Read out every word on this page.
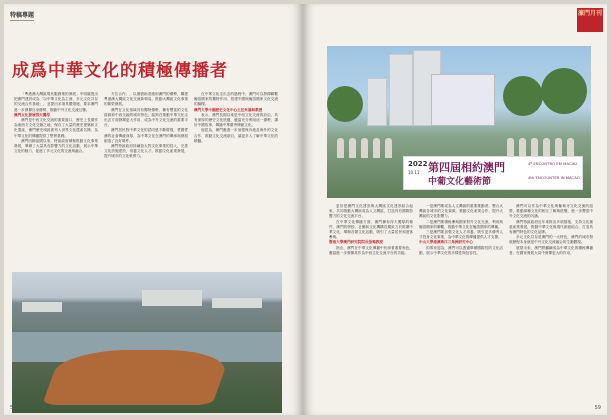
特稿專題
成爲中華文化的積極傳播者

「粵港澳大灣區現代服務業的發展」中明確提出把澳門建設成為「以中華文化為主流、多元文化共存的交流合作基地」，並提出多項具體措施，要求澳門進一步發揮自身優勢，推動中外文化交流互鑒。

澳門文化發展得天獨厚

澳門是中西文化交流的重要窗口，歷史上長期作為東西方文化交匯之地，保存了大量的歷史建築和文化遺產，澳門歷史城區被列入世界文化遺產名錄，為中華文化的傳播提供了堅實基礎。

澳門回歸祖國以來，特區政府積極推動文化事業發展，舉辦了大量具有影響力的文化活動，展示中華文化的魅力，促進了多元文化的交流與融合。

方位合作」，以期借助香港和澳門的優勢，構建粵港澳大灣區文化交流新格局，推動大灣區文化事業的繁榮發展。

澳門在文化領域具有獨特優勢，擁有豐富的文化資源和中西交融的城市特色，能夠在推動中華文化走出去方面發揮更大作用，成為中外文化交流的重要平台。

澳門居民對中華文化的認同感不斷增強，愛國愛澳的社會傳統深厚，為中華文化在澳門的傳承與發展創造了良好條件。

澳門特區政府持續加大對文化事業的投入，完善文化設施建設，培養文化人才，推動文化產業發展，提升城市的文化軟實力。

在中華文化走出去的過程中，澳門可以發揮聯繫葡語國家的獨特作用，搭建中國與葡語國家文化交流的橋樑。

澳門大學中國歷史文化中心主任朱鴻林教授

表示，澳門長期以來是中西文化交流的前沿，具有深厚的歷史文化底蘊，應當充分利用這一優勢，講好中國故事，傳播中華優秀傳統文化。

他認為，澳門應進一步加強與內地及海外的文化合作，推動文化交流項目，讓更多人了解中華文化的精髓。

56
濠門月刊
2022
10.11 第四屆相約澳門
中葡文化藝術節
4º ENCONTRO EM MACAU
4th ENCOUNTER IN MACAO

更好把澳門文化建設與大灣區文化建設結合起來，共同推動大灣區成為人文灣區，打造具有國際影響力的文化交流平台。

在中華文化傳播方面，澳門擁有得天獨厚的條件，澳門的學校、社團和文化機構長期致力於推廣中華文化，舉辦各類文化活動，吸引了大量居民和遊客參與。

暨南大學澳門研究院院長張鳴教授

指出，澳門在中華文化傳播中扮演著重要角色，應當進一步發揮其作為中西文化交流平台的功能。

一是澳門要成為人文灣區的重要推動者，整合大灣區各城市的文化資源，推動文化產業合作，提升大灣區的文化影響力。

二是澳門要積極參與國家對外文化交流，利用與葡語國家的聯繫，推動中華文化在葡語國家的傳播。

三是澳門要加強文化人才培養，吸引更多優秀人才投身文化事業，為中華文化的傳播提供人才支撐。

中山大學港澳珠江三角洲研究中心

的專家認為，澳門可以透過舉辦國際性的文化活動，展示中華文化的多樣性與包容性。

澳門可以作為中華文化與葡萄牙文化交流的紐帶，推動兩種文化的相互了解與借鑒，進一步豐富中外文化交流的內涵。

澳門特區政府近年來推出多項措施，支持文化創意產業發展，推動中華文化與現代創意結合，打造具有澳門特色的文化品牌。

多元文化共存是澳門的一大特色，澳門的城市發展歷程本身就是中外文化交流融合的生動體現。

展望未來，澳門將繼續成為中華文化的積極傳播者，在國家發展大局中發揮更大的作用。

59
